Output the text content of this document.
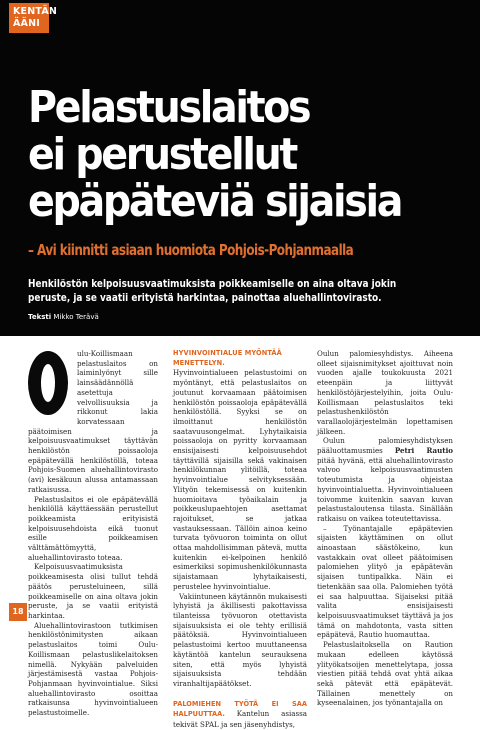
KENTÄN ÄÄNI
Pelastuslaitos
ei perustellut
epäpäteviä sijaisia
– Avi kiinnitti asiaan huomiota Pohjois-Pohjanmaalla
Henkilöstön kelpoisuusvaatimuksista poikkeamiselle on aina oltava jokin
peruste, ja se vaatii erityistä harkintaa, painottaa aluehallintovirasto.
Teksti Mikko Terävä

ulu-Koillismaan pelastuslaitos on laiminlyönyt sille lainsäädännöllä asetettuja velvollisuuksia ja rikkonut lakia korvatessaan päätoimisen ja kelpoisuusvaatimukset täyttävän henkilöstön poissaoloja epäpätevällä henkilöstöllä, toteaa Pohjois-Suomen aluehallintovirasto (avi) kesäkuun alussa antamassaan ratkaisussa.

Pelastuslaitos ei ole epäpätevällä henkilöllä käyttäessään perustellut poikkeamista erityisistä kelpoisuusehdoista eikä tuonut esille poikkeamisen välttämättömyyttä, aluehallintovirasto toteaa.

Kelpoisuusvaatimuksista poikkeamisesta olisi tullut tehdä päätös perusteluineen, sillä poikkeamiselle on aina oltava jokin peruste, ja se vaatii erityistä harkintaa.

Aluehallintovirastoon tutkimisen henkilöstönimitysten aikaan pelastuslaitos toimi Oulu-Koillismaan pelastuslikelaitoksen nimellä. Nykyään palveluiden järjestämisestä vastaa Pohjois-Pohjanmaan hyvinvointialue. Siksi aluehallintovirasto osoittaa ratkaisunsa hyvinvointialueen pelastustoimelle.

HYVINVOINTIALUE MYÖNTÄÄ MENETTELYN.

Hyvinvointialueen pelastustoimi on myöntänyt, että pelastuslaitos on joutunut korvaamaan päätoimisen henkilöstön poissaoloja epäpätevällä henkilöstöllä. Syyksi se on ilmoittanut henkilöstön saatavuusongelmat. Lyhytaikaisia poissaoloja on pyritty korvaamaan ensisijaisesti kelpoisuusehdot täyttävillä sijaisilla sekä vakinaisen henkilökunnan ylitöillä, toteaa hyvinvointialue selvityksessään. Ylityön tekemisessä on kuitenkin huomioitava työaikalain ja poikkeuslupaehtojen asettamat rajoitukset, se jatkaa vastauksessaan. Tällöin ainoa keino turvata työvuoron toiminta on ollut ottaa mahdollisimman pätevä, mutta kuitenkin ei-kelpoinen henkilö esimerkiksi sopimushenkilökunnasta sijaistamaan lyhytaikaisesti, perustelee hyvinvointialue.

Vakiintuneen käytännön mukaisesti lyhyistä ja äkillisesti pakottavissa tilanteissa työvuoron otettavista sijaisuuksista ei ole tehty erillisiä päätöksiä. Hyvinvointialueen pelastustoimi kertoo muuttaneensa käytäntöä kantelun seurauksena siten, että myös lyhyistä sijaisuuksista tehdään viranhaltijapäätökset.

PALOMIEHEN TYÖTÄ EI SAA HALPUUTTAA. Kantelun asiassa tekivät SPAL ja sen jäsenyhdistys,

Oulun palomiesyhdistys. Aiheena olleet sijaisnimitykset ajoittuvat noin vuoden ajalle toukokuusta 2021 eteenpäin ja liittyvät henkilöstöjärjestelyihin, joita Oulu-Koillismaan pelastuslaitos teki pelastushenkilöstön varallaolojärjestelmän lopettamisen jälkeen.

Oulun palomiesyhdistyksen pääluottamusmies Petri Rautio pitää hyvänä, että aluehallintovirasto valvoo kelpoisuusvaatimusten toteutumista ja ohjeistaa hyvinvointialuetta. Hyvinvointialueen toivomme kuitenkin saavan kuvan pelastustaloutensa tilasta. Sinällään ratkaisu on vaikea toteutettavissa.

– Työnantajalle epäpätevien sijaisten käyttäminen on ollut ainoastaan säästökeino, kun vastakkain ovat olleet päätoimisen palomiehen ylityö ja epäpätevän sijaisen tuntipalkka. Näin ei tietenkään saa olla. Palomiehen työtä ei saa halpuuttaa. Sijaiseksi pitää valita ensisijaisesti kelpoisuusvaatimukset täyttävä ja jos tämä on mahdotonta, vasta sitten epäpätevä, Rautio huomauttaa.

Pelastuslaitoksella on Raution mukaan edelleen käytössä ylityökatsoijen menettelytapa, jossa viestien pitää tehdä ovat yhtä aikaa sekä pätevät että epäpätevät. Tällainen menettely on kyseenalainen, jos työnantajalla on

18
